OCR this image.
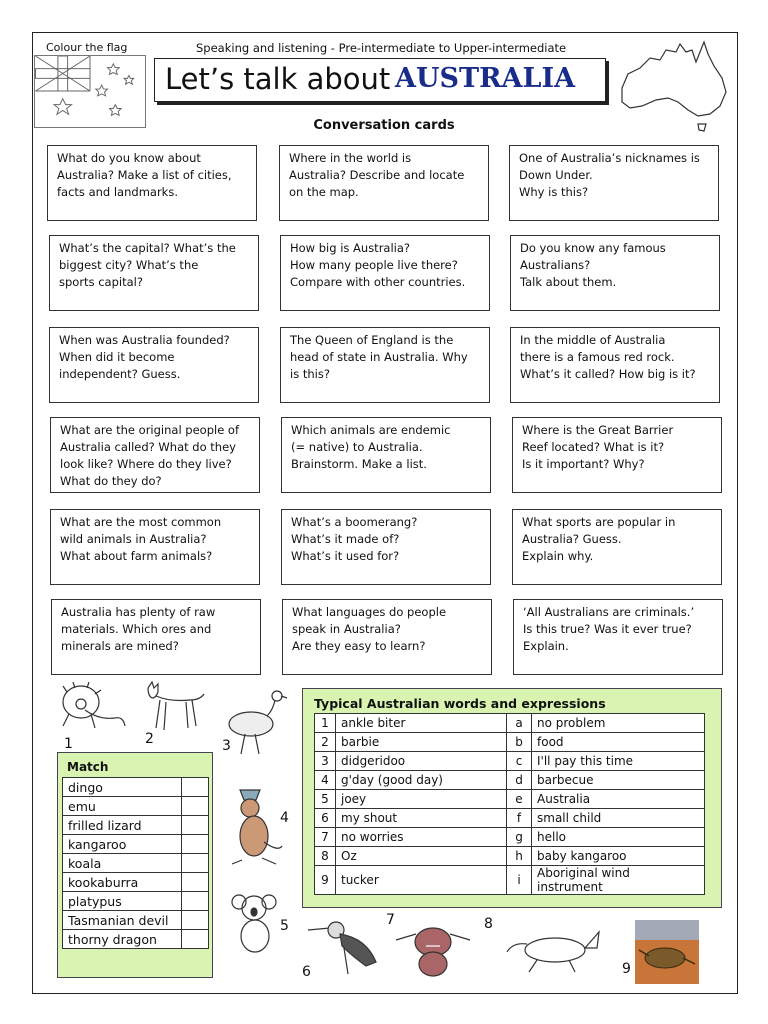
Colour the flag	Speaking and listening - Pre-intermediate to Upper-intermediate
Let’s talk about AUSTRALIA
Conversation cards
What do you know about
Australia? Make a list of cities,
facts and landmarks.
Where in the world is
Australia? Describe and locate
on the map.
One of Australia’s nicknames is
Down Under.
Why is this?
What’s the capital? What’s the
biggest city? What’s the
sports capital?
How big is Australia?
How many people live there?
Compare with other countries.
Do you know any famous
Australians?
Talk about them.
When was Australia founded?
When did it become
independent? Guess.
The Queen of England is the
head of state in Australia. Why
is this?
In the middle of Australia
there is a famous red rock.
What’s it called? How big is it?
What are the original people of
Australia called? What do they
look like? Where do they live?
What do they do?
Which animals are endemic
(= native) to Australia.
Brainstorm. Make a list.
Where is the Great Barrier
Reef located? What is it?
Is it important? Why?
What are the most common
wild animals in Australia?
What about farm animals?
What’s a boomerang?
What’s it made of?
What’s it used for?
What sports are popular in
Australia? Guess.
Explain why.
Australia has plenty of raw
materials. Which ores and
minerals are mined?
What languages do people
speak in Australia?
Are they easy to learn?
‘All Australians are criminals.’
Is this true? Was it ever true?
Explain.
1	2	3
4
5
6
7	8
9
Match
dingo	
emu	
frilled lizard	
kangaroo	
koala	
kookaburra	
platypus	
Tasmanian devil	
thorny dragon	
Typical Australian words and expressions
1	ankle biter	a	no problem
2	barbie	b	food
3	didgeridoo	c	I'll pay this time
4	g'day (good day)	d	barbecue
5	joey	e	Australia
6	my shout	f	small child
7	no worries	g	hello
8	Oz	h	baby kangaroo
9	tucker	i	Aboriginal wind instrument
